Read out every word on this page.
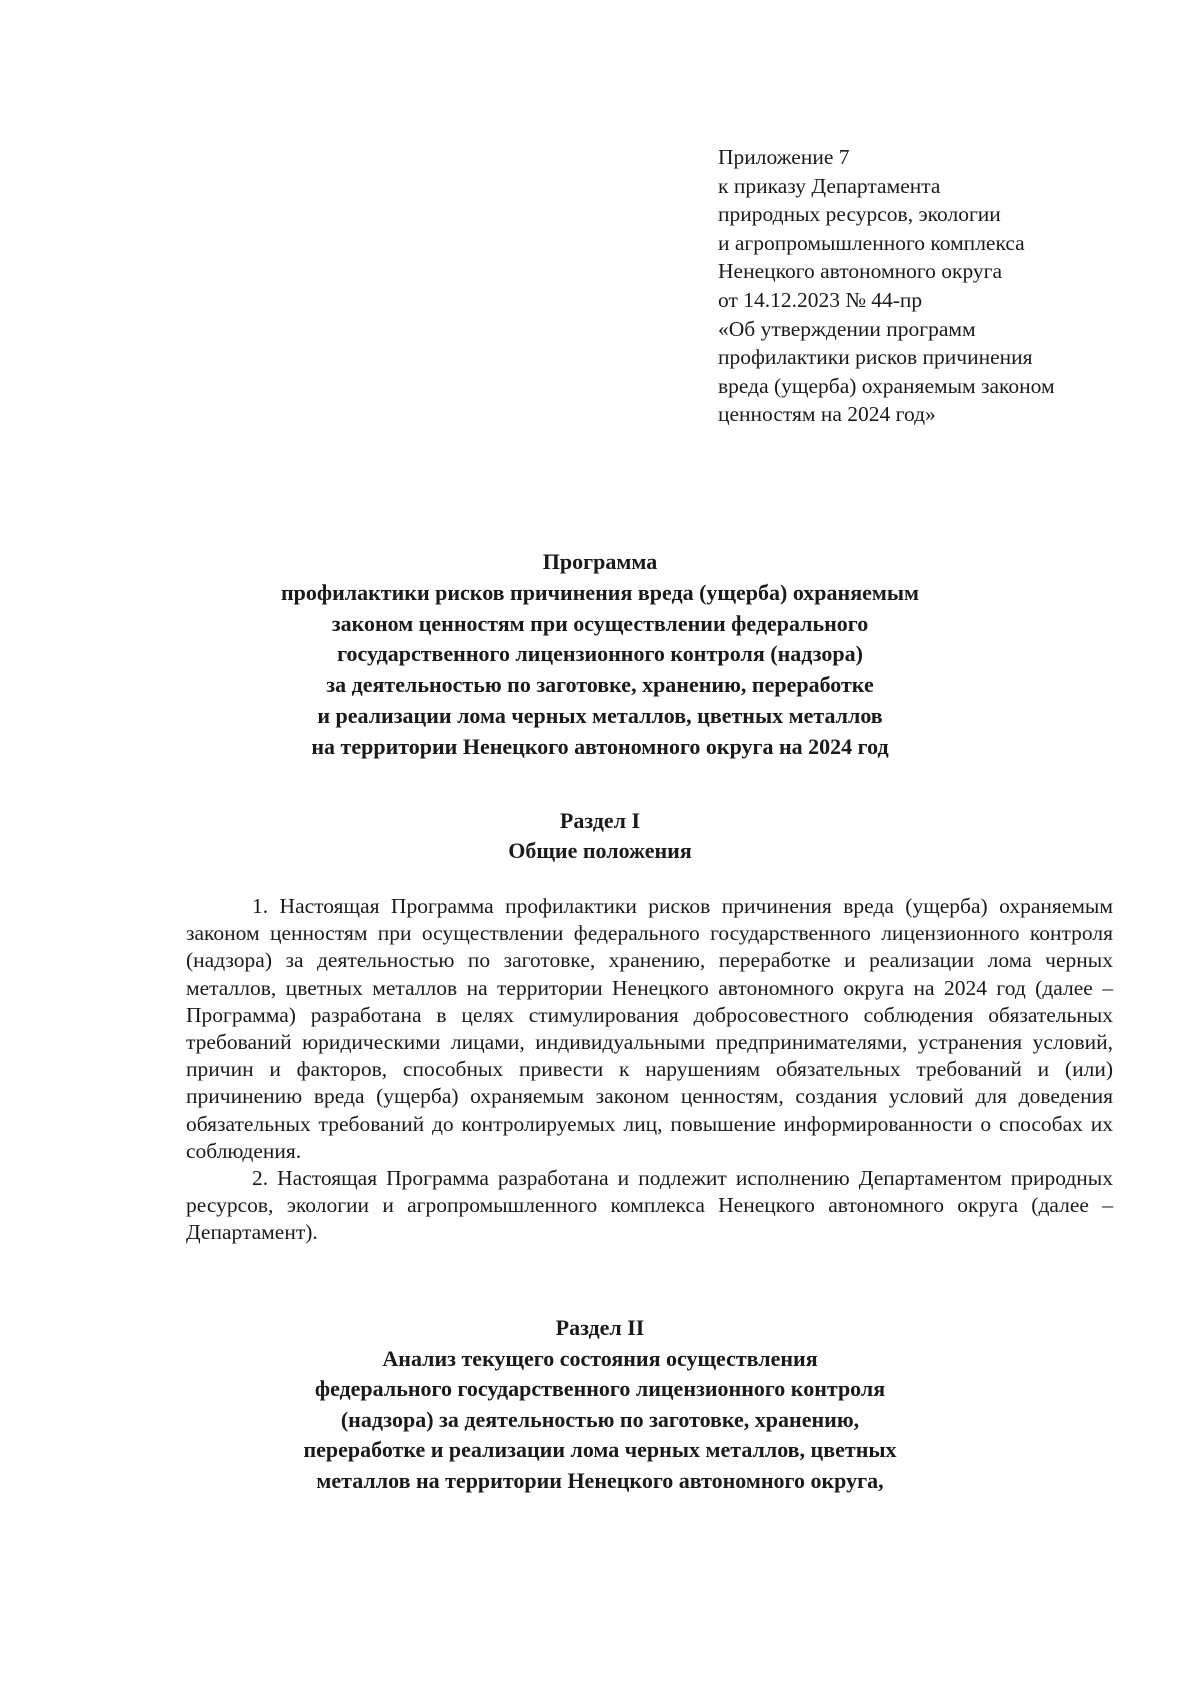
Приложение 7
к приказу Департамента
природных ресурсов, экологии
и агропромышленного комплекса
Ненецкого автономного округа
от 14.12.2023 № 44-пр
«Об утверждении программ
профилактики рисков причинения
вреда (ущерба) охраняемым законом
ценностям на 2024 год»
Программа
профилактики рисков причинения вреда (ущерба) охраняемым
законом ценностям при осуществлении федерального
государственного лицензионного контроля (надзора)
за деятельностью по заготовке, хранению, переработке
и реализации лома черных металлов, цветных металлов
на территории Ненецкого автономного округа на 2024 год
Раздел I
Общие положения

1. Настоящая Программа профилактики рисков причинения вреда (ущерба) охраняемым законом ценностям при осуществлении федерального государственного лицензионного контроля (надзора) за деятельностью по заготовке, хранению, переработке и реализации лома черных металлов, цветных металлов на территории Ненецкого автономного округа на 2024 год (далее – Программа) разработана в целях стимулирования добросовестного соблюдения обязательных требований юридическими лицами, индивидуальными предпринимателями, устранения условий, причин и факторов, способных привести к нарушениям обязательных требований и (или) причинению вреда (ущерба) охраняемым законом ценностям, создания условий для доведения обязательных требований до контролируемых лиц, повышение информированности о способах их соблюдения.

2. Настоящая Программа разработана и подлежит исполнению Департаментом природных ресурсов, экологии и агропромышленного комплекса Ненецкого автономного округа (далее – Департамент).

Раздел II
Анализ текущего состояния осуществления
федерального государственного лицензионного контроля
(надзора) за деятельностью по заготовке, хранению,
переработке и реализации лома черных металлов, цветных
металлов на территории Ненецкого автономного округа,
